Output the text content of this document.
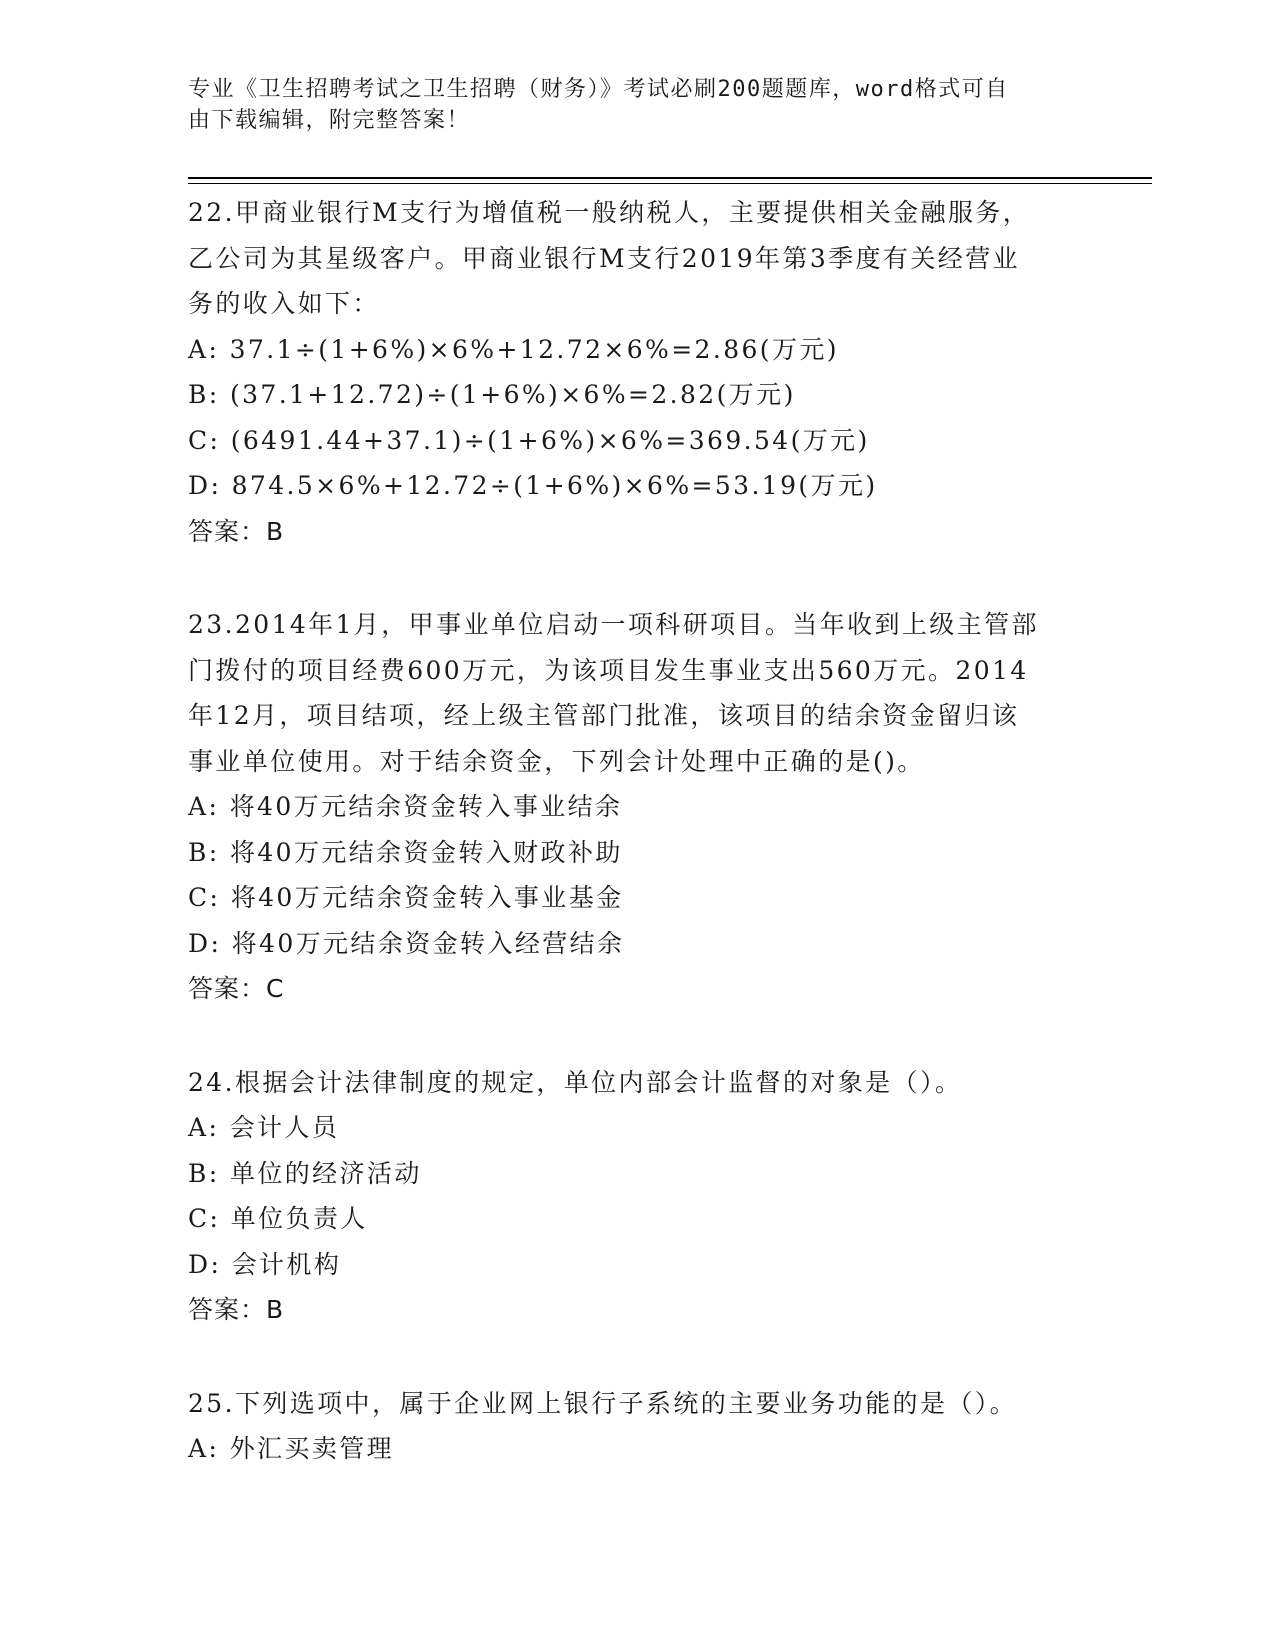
专业《卫生招聘考试之卫生招聘（财务）》考试必刷200题题库，word格式可自
由下载编辑，附完整答案！
22.甲商业银行M支行为增值税一般纳税人，主要提供相关金融服务，
乙公司为其星级客户。甲商业银行M支行2019年第3季度有关经营业
务的收入如下：
A: 37.1÷(1+6%)×6%+12.72×6%=2.86(万元)
B: (37.1+12.72)÷(1+6%)×6%=2.82(万元)
C: (6491.44+37.1)÷(1+6%)×6%=369.54(万元)
D: 874.5×6%+12.72÷(1+6%)×6%=53.19(万元)
答案：B
23.2014年1月，甲事业单位启动一项科研项目。当年收到上级主管部
门拨付的项目经费600万元，为该项目发生事业支出560万元。2014
年12月，项目结项，经上级主管部门批准，该项目的结余资金留归该
事业单位使用。对于结余资金，下列会计处理中正确的是()。
A: 将40万元结余资金转入事业结余
B: 将40万元结余资金转入财政补助
C: 将40万元结余资金转入事业基金
D: 将40万元结余资金转入经营结余
答案：C
24.根据会计法律制度的规定，单位内部会计监督的对象是（）。
A: 会计人员
B: 单位的经济活动
C: 单位负责人
D: 会计机构
答案：B
25.下列选项中，属于企业网上银行子系统的主要业务功能的是（）。
A: 外汇买卖管理
